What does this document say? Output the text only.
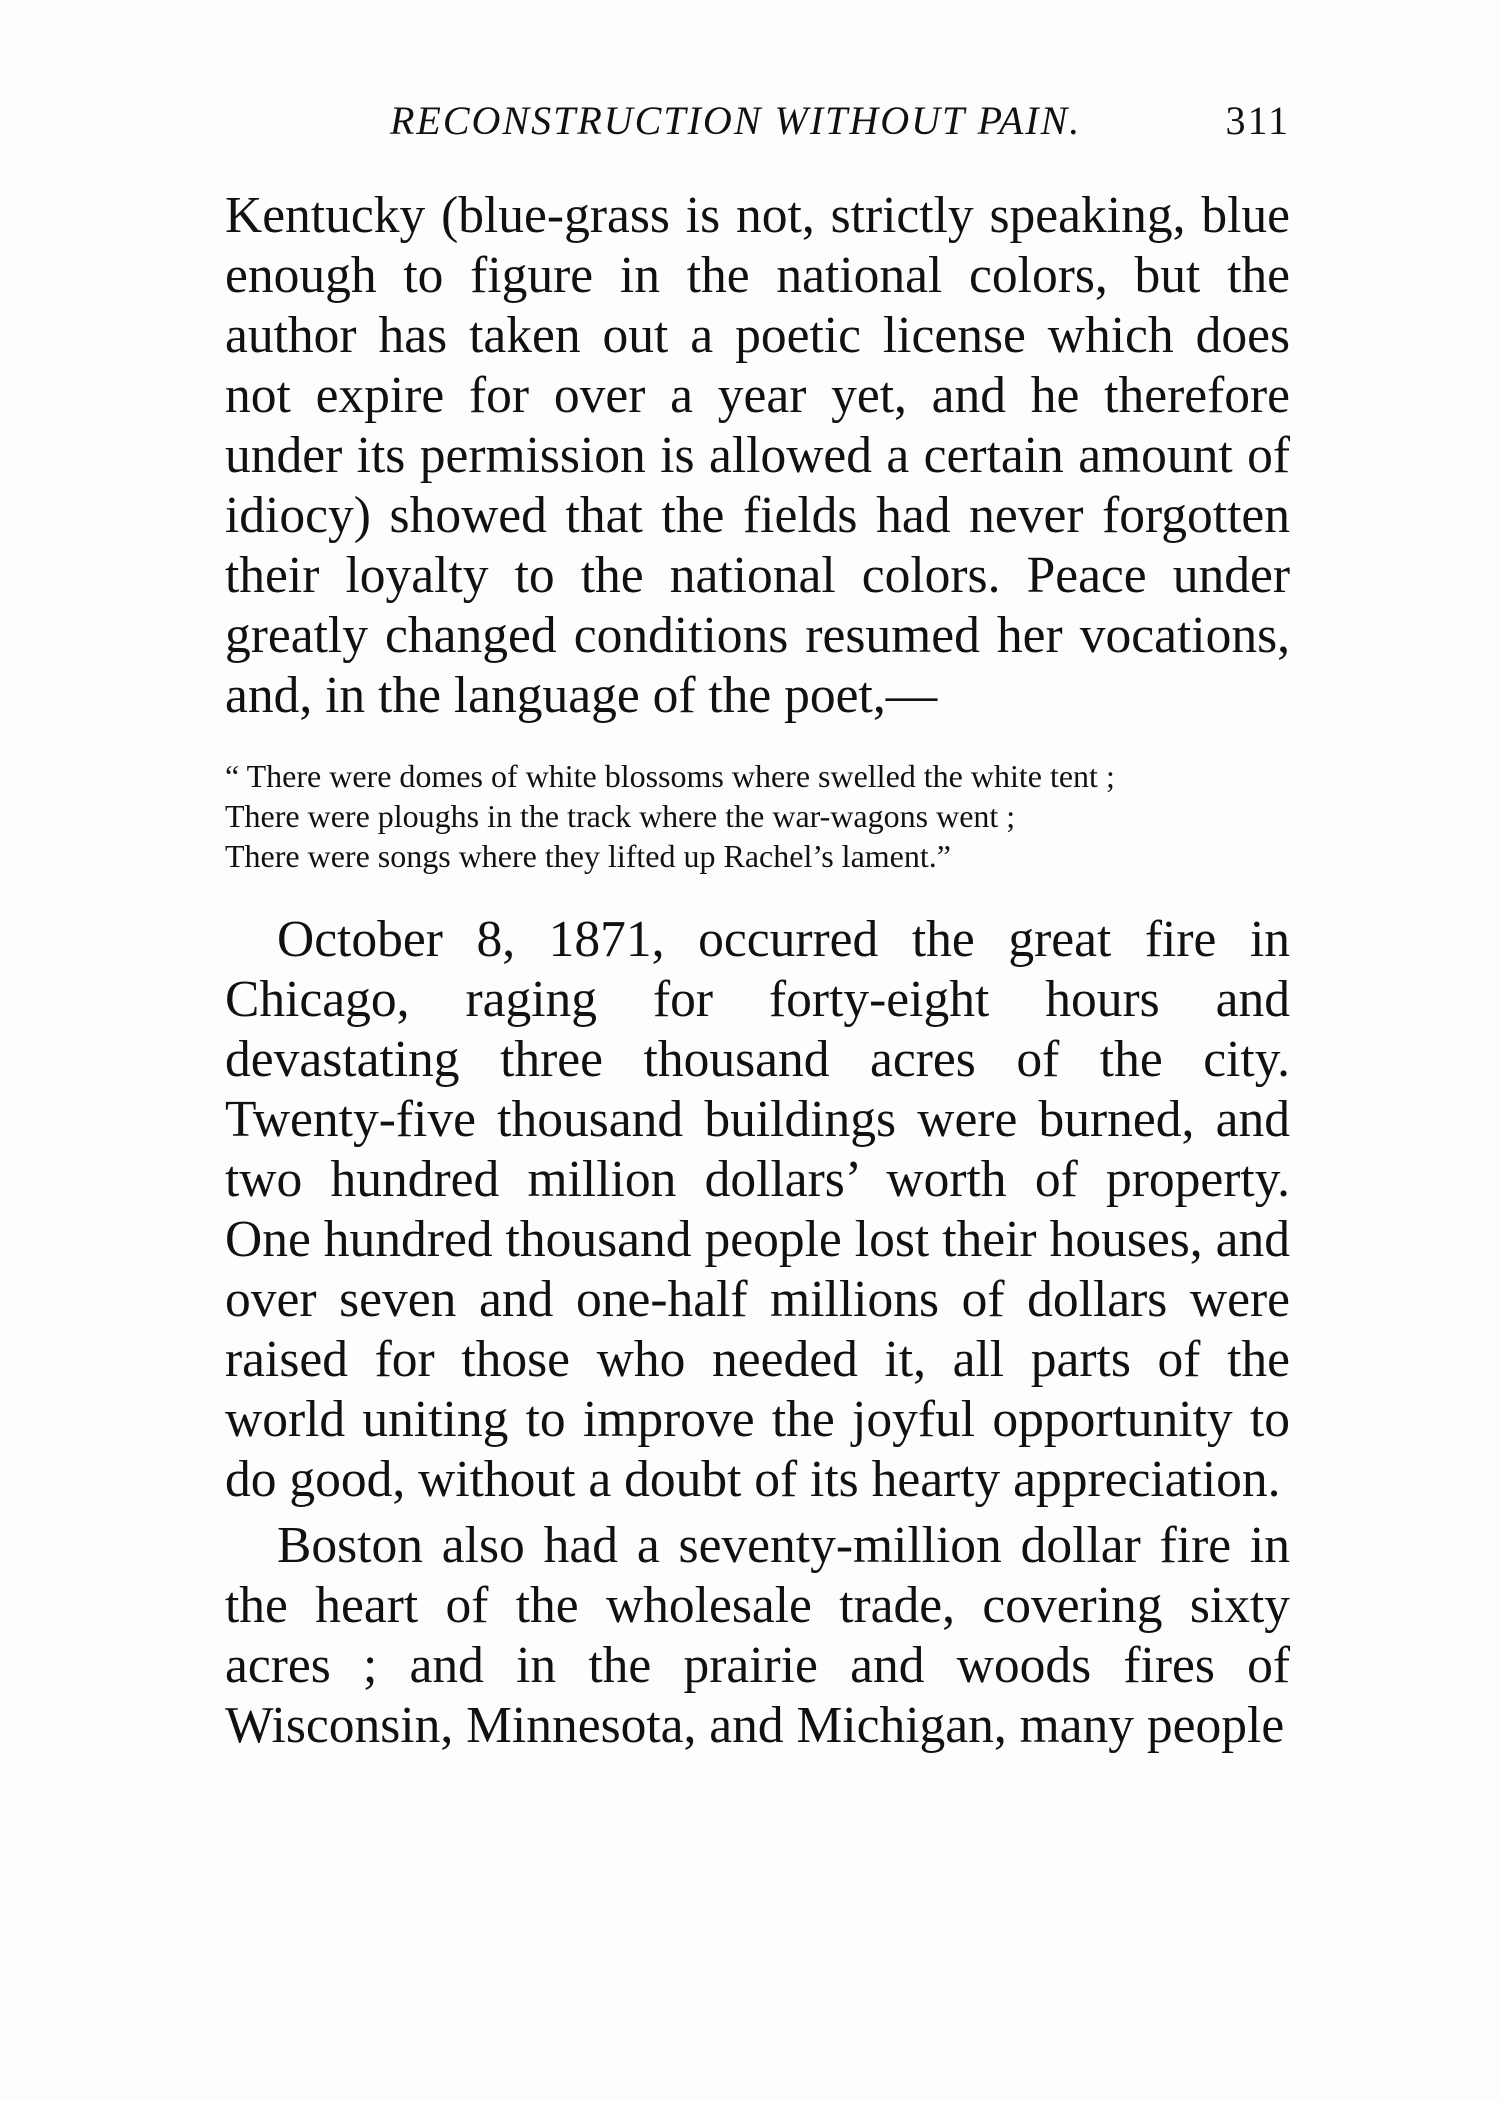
RECONSTRUCTION WITHOUT PAIN.	311

Kentucky (blue-grass is not, strictly speaking, blue enough to figure in the national colors, but the author has taken out a poetic license which does not expire for over a year yet, and he therefore under its permission is allowed a certain amount of idiocy) showed that the fields had never forgotten their loyalty to the national colors. Peace under greatly changed conditions resumed her vocations, and, in the language of the poet,—

“ There were domes of white blossoms where swelled the white tent ;
There were ploughs in the track where the war-wagons went ;
There were songs where they lifted up Rachel’s lament.”

October 8, 1871, occurred the great fire in Chicago, raging for forty-eight hours and devastating three thousand acres of the city. Twenty-five thousand buildings were burned, and two hundred million dollars’ worth of property. One hundred thousand people lost their houses, and over seven and one-half millions of dollars were raised for those who needed it, all parts of the world uniting to improve the joyful opportunity to do good, without a doubt of its hearty appreciation.

Boston also had a seventy-million dollar fire in the heart of the wholesale trade, covering sixty acres ; and in the prairie and woods fires of Wisconsin, Minnesota, and Michigan, many people
